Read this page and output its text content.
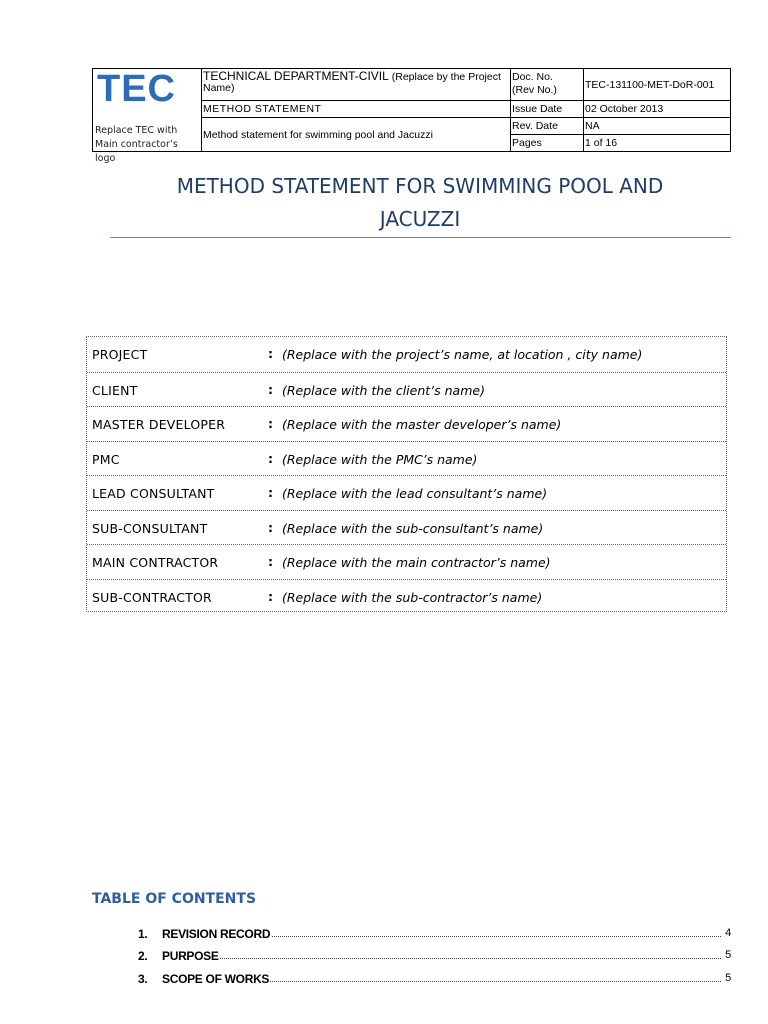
TEC
Replace TEC with
Main contractor’s logo
TECHNICAL DEPARTMENT-CIVIL (Replace by the Project Name)
METHOD STATEMENT
Method statement for swimming pool and Jacuzzi
Doc. No.
(Rev No.)	TEC-131100-MET-DoR-001
Issue Date	02 October 2013
Rev. Date	NA
Pages	1 of 16
METHOD STATEMENT FOR SWIMMING POOL AND
JACUZZI
PROJECT	: (Replace with the project’s name, at location , city name)
CLIENT	: (Replace with the client’s name)
MASTER DEVELOPER	: (Replace with the master developer’s name)
PMC	: (Replace with the PMC’s name)
LEAD CONSULTANT	: (Replace with the lead consultant’s name)
SUB-CONSULTANT	: (Replace with the sub-consultant’s name)
MAIN CONTRACTOR	: (Replace with the main contractor’s name)
SUB-CONTRACTOR	: (Replace with the sub-contractor’s name)
TABLE OF CONTENTS
1. REVISION RECORD	4
2. PURPOSE	5
3. SCOPE OF WORKS	5
